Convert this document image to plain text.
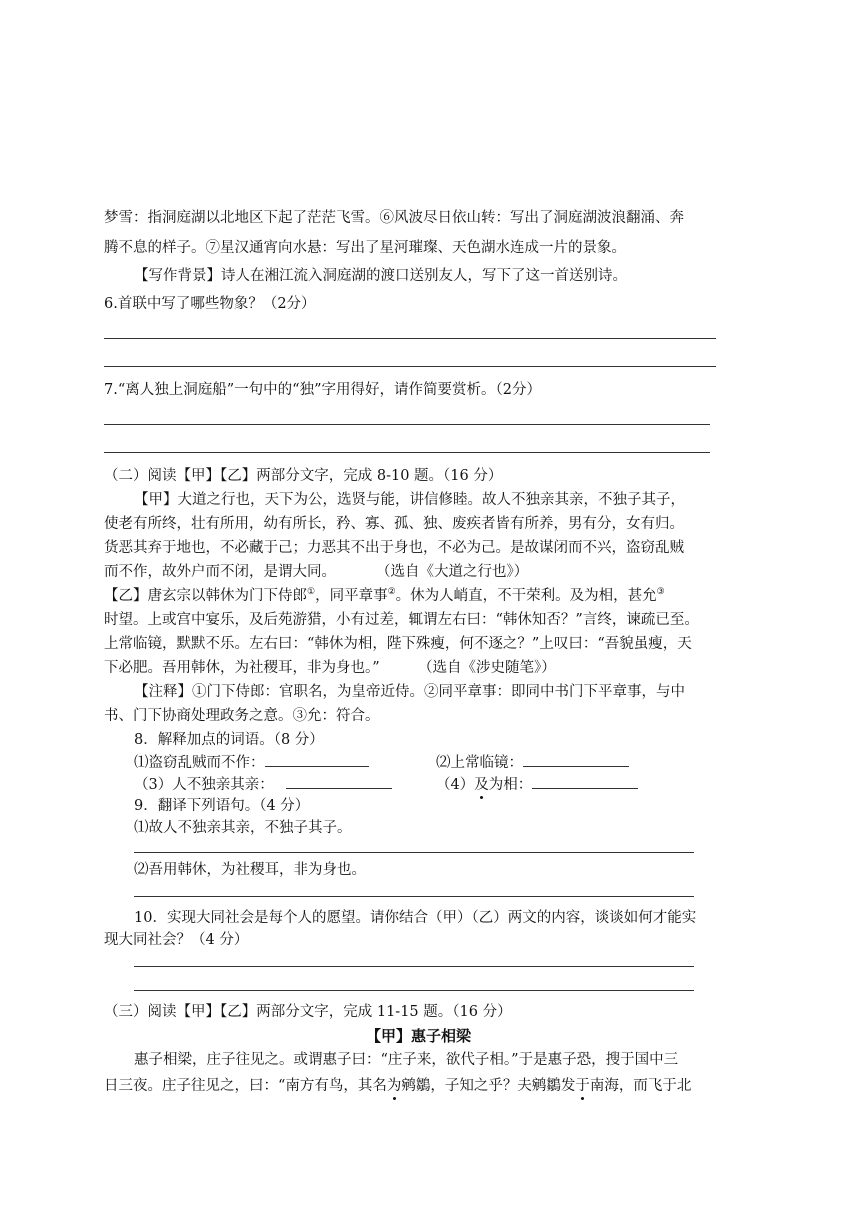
梦雪：指洞庭湖以北地区下起了茫茫飞雪。⑥风波尽日依山转：写出了洞庭湖波浪翻涌、奔
腾不息的样子。⑦星汉通宵向水悬：写出了星河璀璨、天色湖水连成一片的景象。
【写作背景】诗人在湘江流入洞庭湖的渡口送别友人，写下了这一首送别诗。
6.首联中写了哪些物象？（2分）
7.“离人独上洞庭船”一句中的“独”字用得好，请作简要赏析。（2分）
（二）阅读【甲】【乙】两部分文字，完成 8-10 题。（16 分）
【甲】大道之行也，天下为公，选贤与能，讲信修睦。故人不独亲其亲，不独子其子，
使老有所终，壮有所用，幼有所长，矜、寡、孤、独、废疾者皆有所养，男有分，女有归。
货恶其弃于地也，不必藏于己；力恶其不出于身也，不必为己。是故谋闭而不兴，盗窃乱贼
而不作，故外户而不闭，是谓大同。	（选自《大道之行也》）
【乙】唐玄宗以韩休为门下侍郎①，同平章事②。休为人峭直，不干荣利。及为相，甚允③
时望。上或宫中宴乐，及后苑游猎，小有过差，辄谓左右曰：“韩休知否？”言终，谏疏已至。
上常临镜，默默不乐。左右曰：“韩休为相，陛下殊瘦，何不逐之？”上叹曰：“吾貌虽瘦，天
下必肥。吾用韩休，为社稷耳，非为身也。”	（选自《涉史随笔》）
【注释】①门下侍郎：官职名，为皇帝近侍。②同平章事：即同中书门下平章事，与中
书、门下协商处理政务之意。③允：符合。
8．解释加点的词语。（8 分）
⑴盗窃乱贼而不作：	⑵上常临镜：
（3）人不独亲其亲：	（4）及为相：
9．翻译下列语句。（4 分）
⑴故人不独亲其亲，不独子其子。
⑵吾用韩休，为社稷耳，非为身也。
10．实现大同社会是每个人的愿望。请你结合（甲）（乙）两文的内容，谈谈如何才能实
现大同社会？（4 分）
（三）阅读【甲】【乙】两部分文字，完成 11-15 题。（16 分）
【甲】惠子相梁
惠子相梁，庄子往见之。或谓惠子曰：“庄子来，欲代子相。”于是惠子恐，搜于国中三
日三夜。庄子往见之，曰：“南方有鸟，其名为鹓鶵，子知之乎？夫鹓鶵发于南海，而飞于北
